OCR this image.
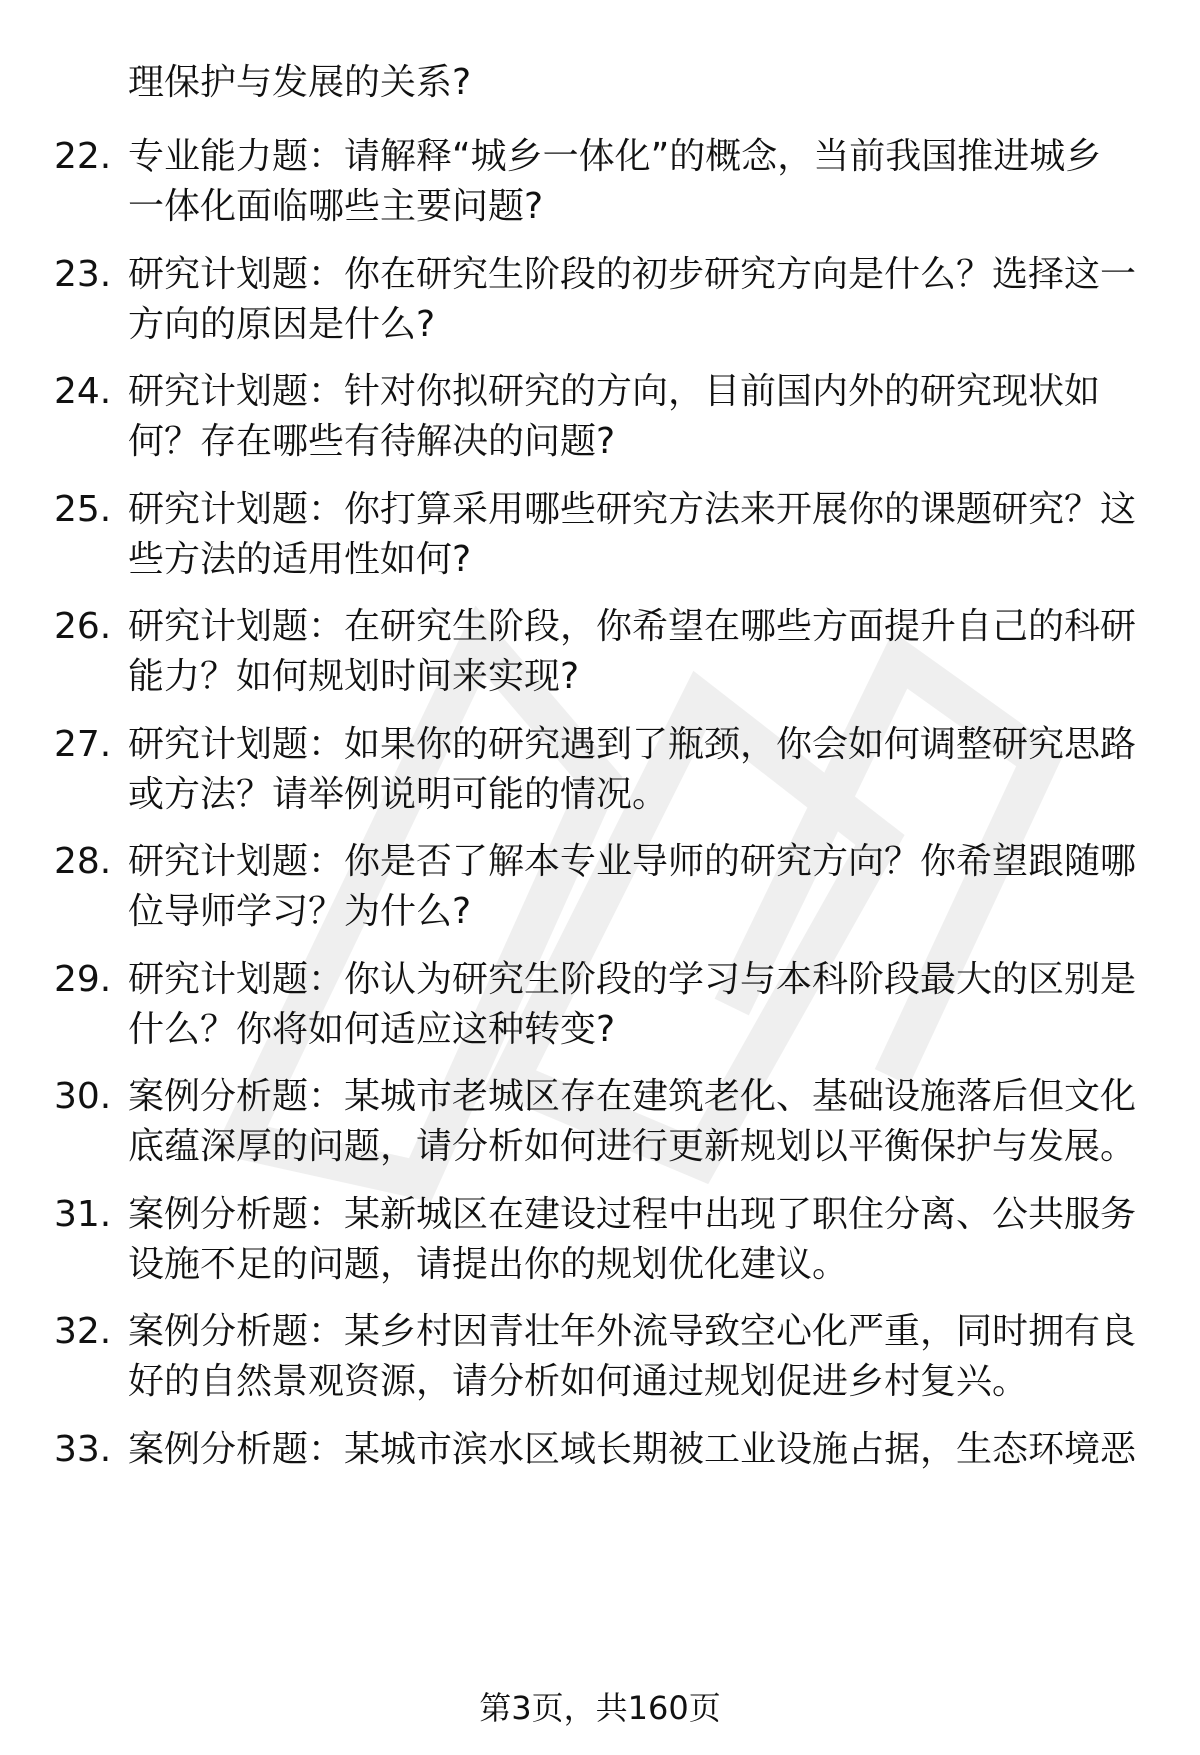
理保护与发展的关系?
22. 专业能力题：请解释“城乡一体化”的概念，当前我国推进城乡
一体化面临哪些主要问题?
23. 研究计划题：你在研究生阶段的初步研究方向是什么？选择这一
方向的原因是什么?
24. 研究计划题：针对你拟研究的方向，目前国内外的研究现状如
何？存在哪些有待解决的问题?
25. 研究计划题：你打算采用哪些研究方法来开展你的课题研究？这
些方法的适用性如何?
26. 研究计划题：在研究生阶段，你希望在哪些方面提升自己的科研
能力？如何规划时间来实现?
27. 研究计划题：如果你的研究遇到了瓶颈，你会如何调整研究思路
或方法？请举例说明可能的情况。
28. 研究计划题：你是否了解本专业导师的研究方向？你希望跟随哪
位导师学习？为什么?
29. 研究计划题：你认为研究生阶段的学习与本科阶段最大的区别是
什么？你将如何适应这种转变?
30. 案例分析题：某城市老城区存在建筑老化、基础设施落后但文化
底蕴深厚的问题，请分析如何进行更新规划以平衡保护与发展。
31. 案例分析题：某新城区在建设过程中出现了职住分离、公共服务
设施不足的问题，请提出你的规划优化建议。
32. 案例分析题：某乡村因青壮年外流导致空心化严重，同时拥有良
好的自然景观资源，请分析如何通过规划促进乡村复兴。
33. 案例分析题：某城市滨水区域长期被工业设施占据，生态环境恶
第3页，共160页
